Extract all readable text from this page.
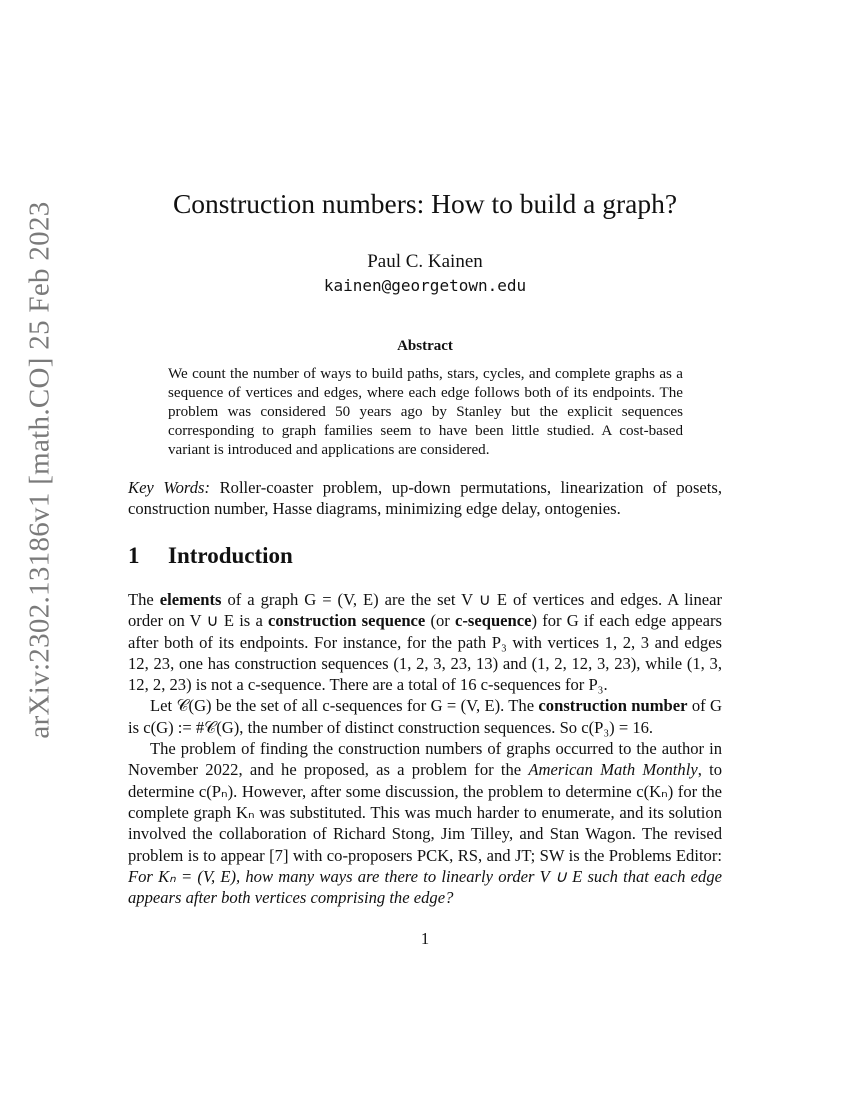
arXiv:2302.13186v1 [math.CO] 25 Feb 2023	Construction numbers: How to build a graph?
Paul C. Kainen
kainen@georgetown.edu
Abstract
We count the number of ways to build paths, stars, cycles, and complete graphs as a sequence of vertices and edges, where each edge follows both of its endpoints. The problem was considered 50 years ago by Stanley but the explicit sequences corresponding to graph families seem to have been little studied. A cost-based variant is introduced and applications are considered.
Key Words: Roller-coaster problem, up-down permutations, linearization of posets, construction number, Hasse diagrams, minimizing edge delay, ontogenies.
1 Introduction

The elements of a graph G = (V, E) are the set V ∪ E of vertices and edges. A linear order on V ∪ E is a construction sequence (or c-sequence) for G if each edge appears after both of its endpoints. For instance, for the path P₃ with vertices 1, 2, 3 and edges 12, 23, one has construction sequences (1, 2, 3, 23, 13) and (1, 2, 12, 3, 23), while (1, 3, 12, 2, 23) is not a c-sequence. There are a total of 16 c-sequences for P₃.

Let 𝒞(G) be the set of all c-sequences for G = (V, E). The construction number of G is c(G) := #𝒞(G), the number of distinct construction sequences. So c(P₃) = 16.

The problem of finding the construction numbers of graphs occurred to the author in November 2022, and he proposed, as a problem for the American Math Monthly, to determine c(Pₙ). However, after some discussion, the problem to determine c(Kₙ) for the complete graph Kₙ was substituted. This was much harder to enumerate, and its solution involved the collaboration of Richard Stong, Jim Tilley, and Stan Wagon. The revised problem is to appear [7] with co-proposers PCK, RS, and JT; SW is the Problems Editor: For Kₙ = (V, E), how many ways are there to linearly order V ∪ E such that each edge appears after both vertices comprising the edge?

1
